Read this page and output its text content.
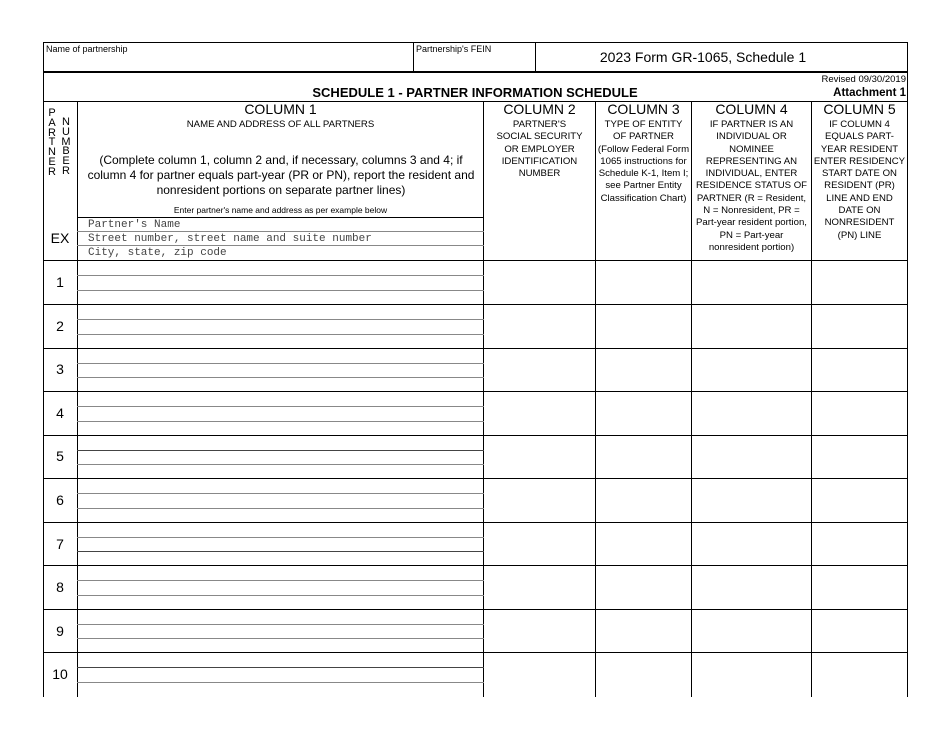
Name of partnership	Partnership's FEIN	2023 Form GR-1065, Schedule 1
Revised 09/30/2019
Attachment 1
SCHEDULE 1 - PARTNER INFORMATION SCHEDULE
P
A
R
T
N
E
R
N
U
M
B
E
R
COLUMN 1
NAME AND ADDRESS OF ALL PARTNERS
(Complete column 1, column 2 and, if necessary, columns 3 and 4; if column 4 for partner equals part-year (PR or PN), report the resident and nonresident portions on separate partner lines)
Enter partner's name and address as per example below
COLUMN 2
PARTNER'S
SOCIAL SECURITY
OR EMPLOYER
IDENTIFICATION
NUMBER
COLUMN 3
TYPE OF ENTITY
OF PARTNER
(Follow Federal Form
1065 instructions for
Schedule K-1, Item I;
see Partner Entity
Classification Chart)
COLUMN 4
IF PARTNER IS AN
INDIVIDUAL OR
NOMINEE
REPRESENTING AN
INDIVIDUAL, ENTER
RESIDENCE STATUS OF
PARTNER (R = Resident,
N = Nonresident, PR =
Part-year resident portion,
PN = Part-year
nonresident portion)
COLUMN 5
IF COLUMN 4
EQUALS PART-
YEAR RESIDENT
ENTER RESIDENCY
START DATE ON
RESIDENT (PR)
LINE AND END
DATE ON
NONRESIDENT
(PN) LINE
EX
Partner's Name
Street number, street name and suite number
City, state, zip code
1
2
3
4
5
6
7
8
9
10
